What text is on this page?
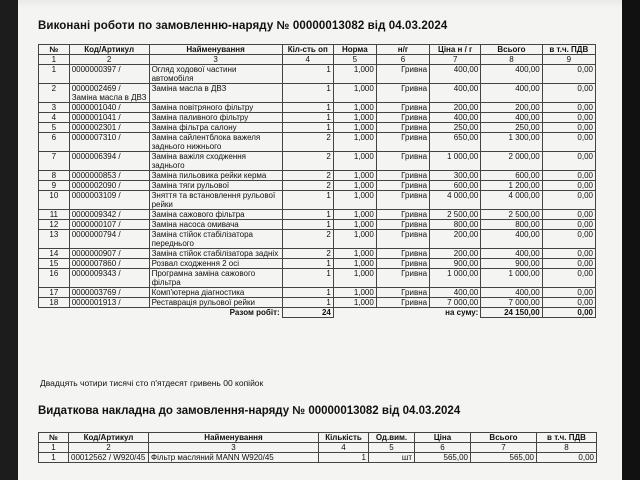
Виконані роботи по замовленню-наряду № 00000013082 від 04.03.2024
№	Код/Артикул	Найменування	Кіл-сть оп	Норма	н/г	Ціна н / г	Всього	в т.ч. ПДВ
1	2	3	4	5	6	7	8	9
1	0000000397 /	Огляд ходової частини автомобіля	1	1,000	Гривна	400,00	400,00	0,00
2	0000002469 / Заміна масла в ДВЗ	Заміна масла в ДВЗ	1	1,000	Гривна	400,00	400,00	0,00
3	0000001040 /	Заміна повітряного фільтру	1	1,000	Гривна	200,00	200,00	0,00
4	0000001041 /	Заміна паливного фільтру	1	1,000	Гривна	400,00	400,00	0,00
5	0000002301 /	Заміна фільтра салону	1	1,000	Гривна	250,00	250,00	0,00
6	0000007310 /	Заміна сайлентблока важеля заднього нижнього	2	1,000	Гривна	650,00	1 300,00	0,00
7	0000006394 /	Заміна важіля сходження заднього	2	1,000	Гривна	1 000,00	2 000,00	0,00
8	0000000853 /	Заміна пильовика рейки керма	2	1,000	Гривна	300,00	600,00	0,00
9	0000002090 /	Заміна тяги рульової	2	1,000	Гривна	600,00	1 200,00	0,00
10	0000003109 /	Зняття та встановлення рульової рейки	1	1,000	Гривна	4 000,00	4 000,00	0,00
11	0000009342 /	Заміна сажового фільтра	1	1,000	Гривна	2 500,00	2 500,00	0,00
12	0000000107 /	Заміна насоса омивача	1	1,000	Гривна	800,00	800,00	0,00
13	0000000794 /	Заміна стійок стабілізатора переднього	2	1,000	Гривна	200,00	400,00	0,00
14	0000000907 /	Заміна стійок стабілізатора задніх	2	1,000	Гривна	200,00	400,00	0,00
15	0000007860 /	Розвал сходження 2 осі	1	1,000	Гривна	900,00	900,00	0,00
16	0000009343 /	Програмна заміна сажового фільтра	1	1,000	Гривна	1 000,00	1 000,00	0,00
17	0000003769 /	Комп'ютерна діагностика	1	1,000	Гривна	400,00	400,00	0,00
18	0000001913 /	Реставрація рульової рейки	1	1,000	Гривна	7 000,00	7 000,00	0,00
Разом робіт:			24	на суму:			24 150,00	0,00
Двадцять чотири тисячі сто п'ятдесят гривень 00 копійок
Видаткова накладна до замовлення-наряду № 00000013082 від 04.03.2024
№	Код/Артикул	Найменування	Кількість	Од.вим.	Ціна	Всього	в т.ч. ПДВ
1	2	3	4	5	6	7	8
1	00012562 / W920/45	Фільтр масляний MANN W920/45	1	шт	565,00	565,00	0,00
